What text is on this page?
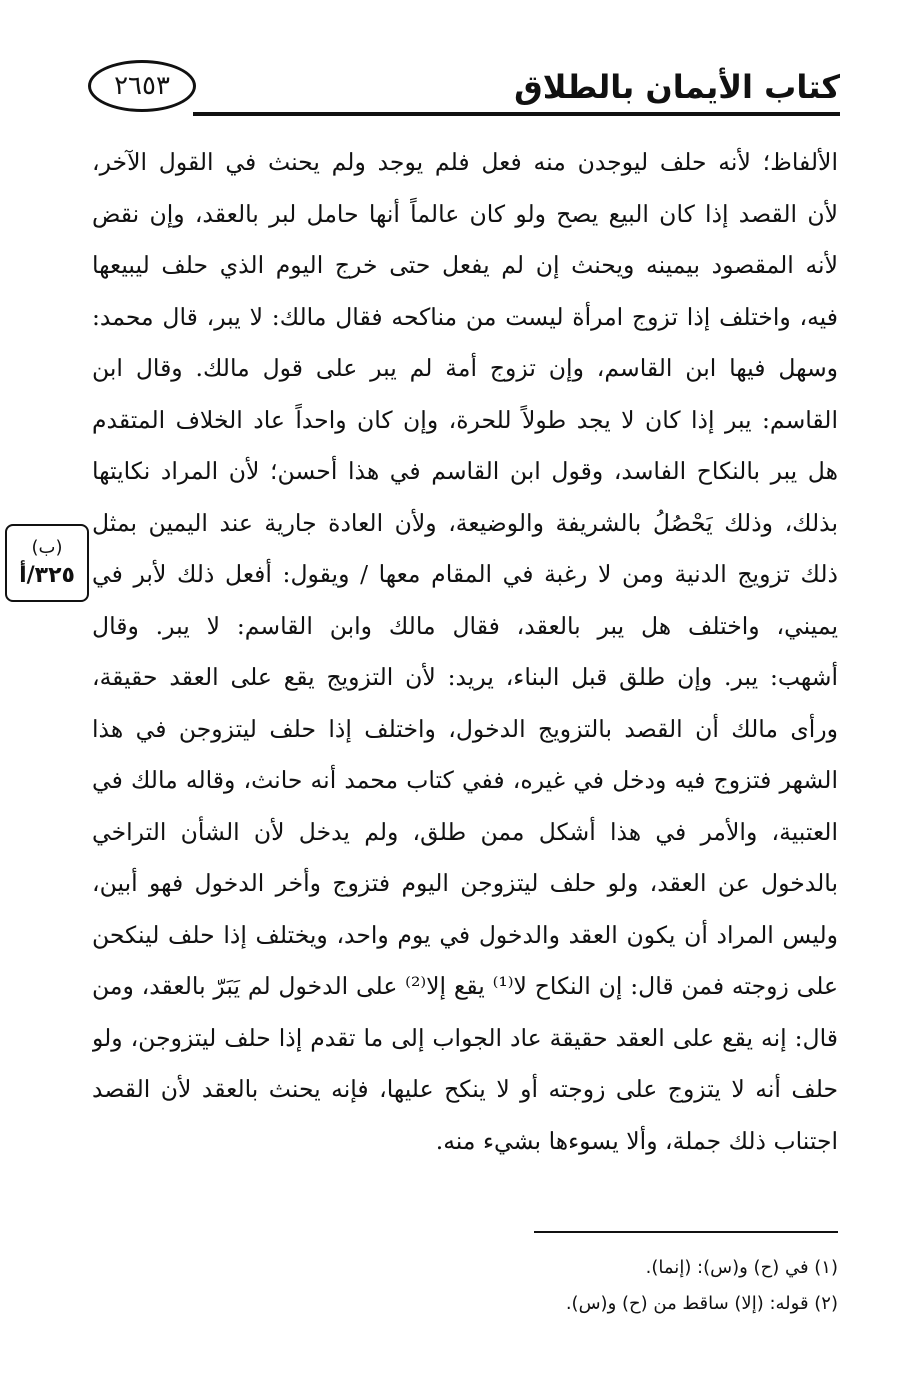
٢٦٥٣	كتاب الأيمان بالطلاق
(ب)
٣٢٥/أ
الألفاظ؛ لأنه حلف ليوجدن منه فعل فلم يوجد ولم يحنث في القول الآخر،
لأن القصد إذا كان البيع يصح ولو كان عالماً أنها حامل لبر بالعقد، وإن نقض
لأنه المقصود بيمينه ويحنث إن لم يفعل حتى خرج اليوم الذي حلف ليبيعها
فيه، واختلف إذا تزوج امرأة ليست من مناكحه فقال مالك: لا يبر، قال محمد:
وسهل فيها ابن القاسم، وإن تزوج أمة لم يبر على قول مالك. وقال ابن
القاسم: يبر إذا كان لا يجد طولاً للحرة، وإن كان واحداً عاد الخلاف المتقدم
هل يبر بالنكاح الفاسد، وقول ابن القاسم في هذا أحسن؛ لأن المراد نكايتها
بذلك، وذلك يَحْصُلُ بالشريفة والوضيعة، ولأن العادة جارية عند اليمين بمثل
ذلك تزويج الدنية ومن لا رغبة في المقام معها / ويقول: أفعل ذلك لأبر في
يميني، واختلف هل يبر بالعقد، فقال مالك وابن القاسم: لا يبر. وقال
أشهب: يبر. وإن طلق قبل البناء، يريد: لأن التزويج يقع على العقد حقيقة،
ورأى مالك أن القصد بالتزويج الدخول، واختلف إذا حلف ليتزوجن في هذا
الشهر فتزوج فيه ودخل في غيره، ففي كتاب محمد أنه حانث، وقاله مالك في
العتبية، والأمر في هذا أشكل ممن طلق، ولم يدخل لأن الشأن التراخي
بالدخول عن العقد، ولو حلف ليتزوجن اليوم فتزوج وأخر الدخول فهو أبين،
وليس المراد أن يكون العقد والدخول في يوم واحد، ويختلف إذا حلف لينكحن
على زوجته فمن قال: إن النكاح لا⁽¹⁾ يقع إلا⁽²⁾ على الدخول لم يَبَرّ بالعقد، ومن
قال: إنه يقع على العقد حقيقة عاد الجواب إلى ما تقدم إذا حلف ليتزوجن، ولو
حلف أنه لا يتزوج على زوجته أو لا ينكح عليها، فإنه يحنث بالعقد لأن القصد
اجتناب ذلك جملة، وألا يسوءها بشيء منه.
(١) في (ح) و(س): (إنما).
(٢) قوله: (إلا) ساقط من (ح) و(س).
